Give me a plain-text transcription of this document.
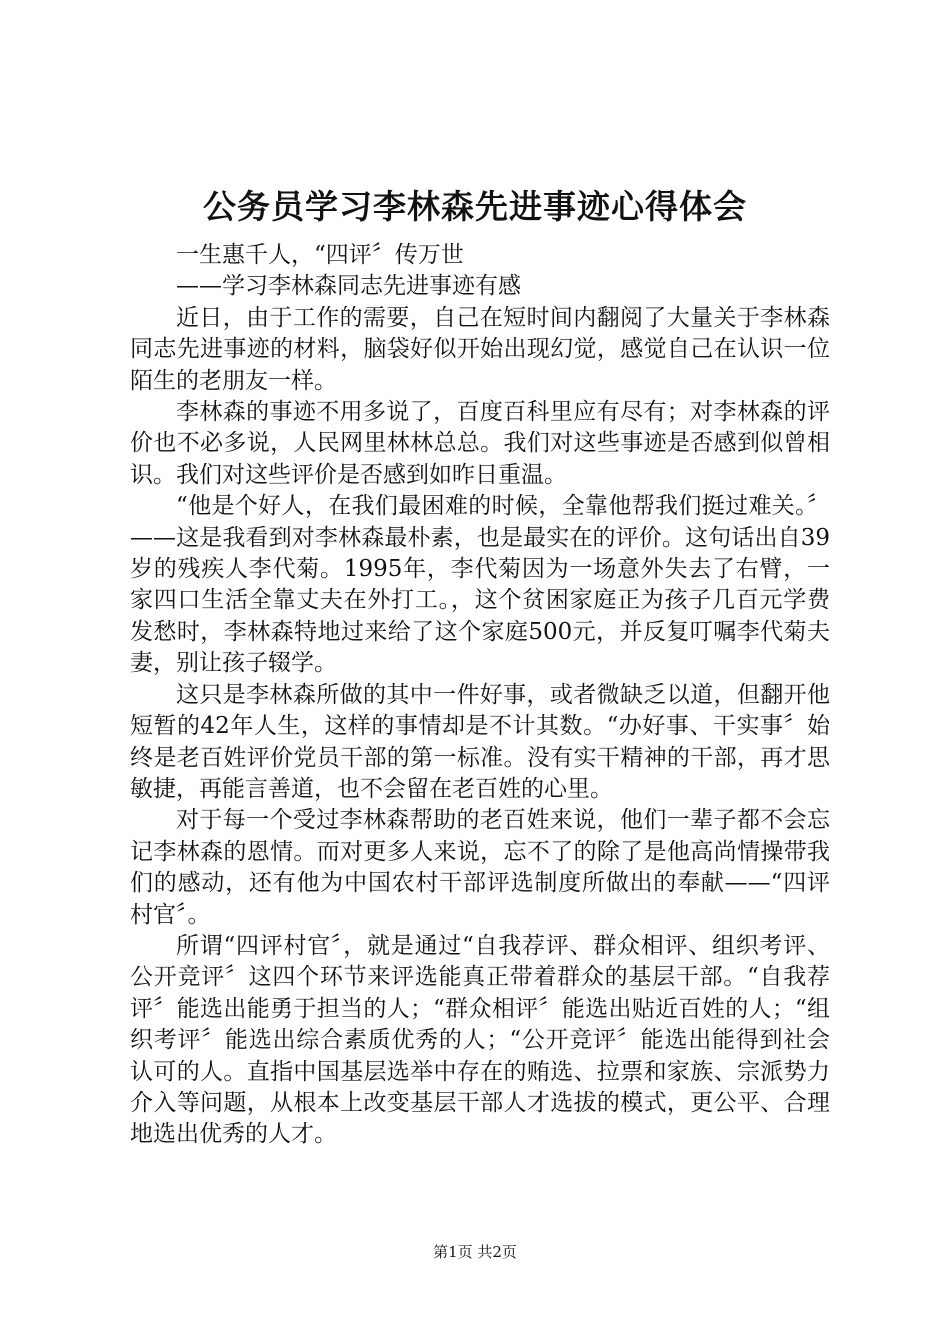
公务员学习李林森先进事迹心得体会

一生惠千人，“四评〞传万世

——学习李林森同志先进事迹有感

近日，由于工作的需要，自己在短时间内翻阅了大量关于李林森同志先进事迹的材料，脑袋好似开始出现幻觉，感觉自己在认识一位陌生的老朋友一样。

李林森的事迹不用多说了，百度百科里应有尽有；对李林森的评价也不必多说，人民网里林林总总。我们对这些事迹是否感到似曾相识。我们对这些评价是否感到如昨日重温。

“他是个好人，在我们最困难的时候，全靠他帮我们挺过难关。〞——这是我看到对李林森最朴素，也是最实在的评价。这句话出自39岁的残疾人李代菊。1995年，李代菊因为一场意外失去了右臂，一家四口生活全靠丈夫在外打工。，这个贫困家庭正为孩子几百元学费发愁时，李林森特地过来给了这个家庭500元，并反复叮嘱李代菊夫妻，别让孩子辍学。

这只是李林森所做的其中一件好事，或者微缺乏以道，但翻开他短暂的42年人生，这样的事情却是不计其数。“办好事、干实事〞始终是老百姓评价党员干部的第一标准。没有实干精神的干部，再才思敏捷，再能言善道，也不会留在老百姓的心里。

对于每一个受过李林森帮助的老百姓来说，他们一辈子都不会忘记李林森的恩情。而对更多人来说，忘不了的除了是他高尚情操带我们的感动，还有他为中国农村干部评选制度所做出的奉献——“四评村官〞。

所谓“四评村官〞，就是通过“自我荐评、群众相评、组织考评、公开竞评〞这四个环节来评选能真正带着群众的基层干部。“自我荐评〞能选出能勇于担当的人；“群众相评〞能选出贴近百姓的人；“组织考评〞能选出综合素质优秀的人；“公开竞评〞能选出能得到社会认可的人。直指中国基层选举中存在的贿选、拉票和家族、宗派势力介入等问题，从根本上改变基层干部人才选拔的模式，更公平、合理地选出优秀的人才。

第1页 共2页
